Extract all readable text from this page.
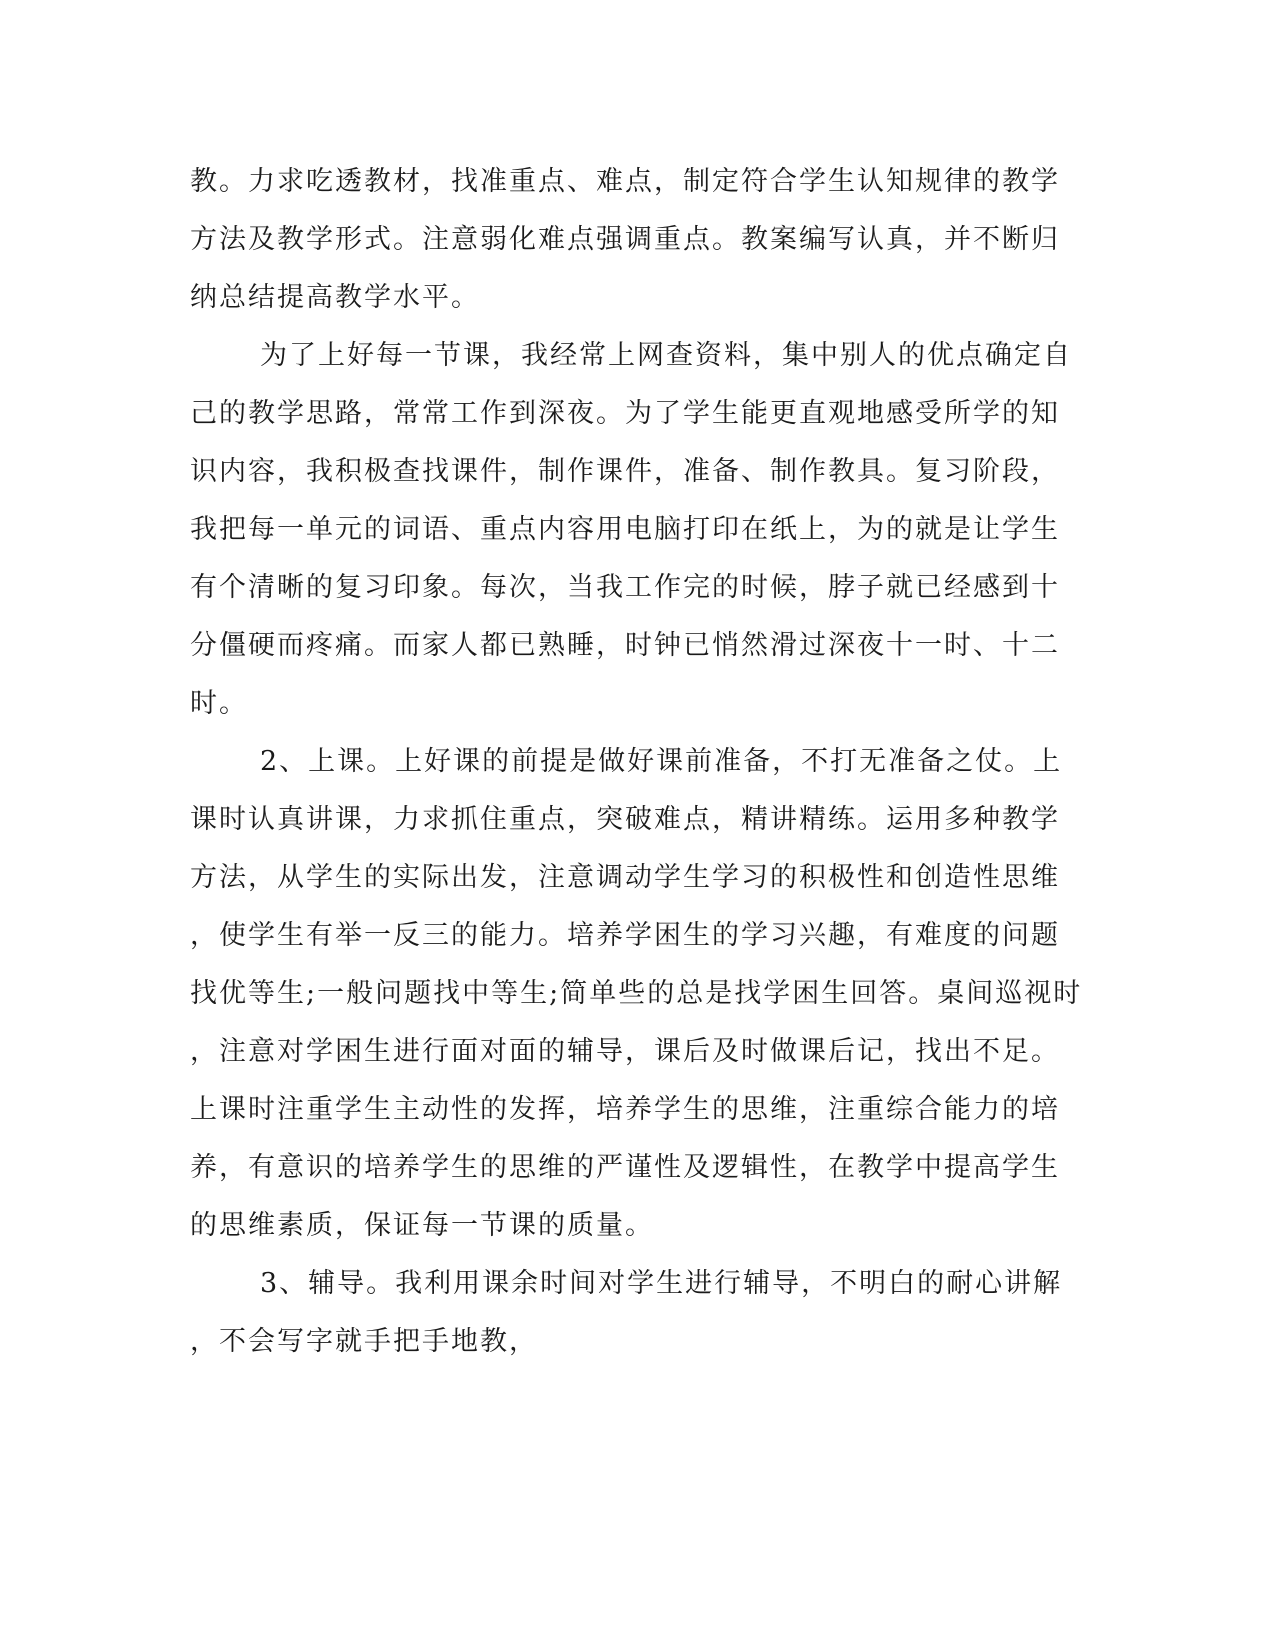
教。力求吃透教材，找准重点、难点，制定符合学生认知规律的教学
方法及教学形式。注意弱化难点强调重点。教案编写认真，并不断归
纳总结提高教学水平。
为了上好每一节课，我经常上网查资料，集中别人的优点确定自
己的教学思路，常常工作到深夜。为了学生能更直观地感受所学的知
识内容，我积极查找课件，制作课件，准备、制作教具。复习阶段，
我把每一单元的词语、重点内容用电脑打印在纸上，为的就是让学生
有个清晰的复习印象。每次，当我工作完的时候，脖子就已经感到十
分僵硬而疼痛。而家人都已熟睡，时钟已悄然滑过深夜十一时、十二
时。
2、上课。上好课的前提是做好课前准备，不打无准备之仗。上
课时认真讲课，力求抓住重点，突破难点，精讲精练。运用多种教学
方法，从学生的实际出发，注意调动学生学习的积极性和创造性思维
，使学生有举一反三的能力。培养学困生的学习兴趣，有难度的问题
找优等生;一般问题找中等生;简单些的总是找学困生回答。桌间巡视时
，注意对学困生进行面对面的辅导，课后及时做课后记，找出不足。
上课时注重学生主动性的发挥，培养学生的思维，注重综合能力的培
养，有意识的培养学生的思维的严谨性及逻辑性，在教学中提高学生
的思维素质，保证每一节课的质量。
3、辅导。我利用课余时间对学生进行辅导，不明白的耐心讲解
，不会写字就手把手地教，
